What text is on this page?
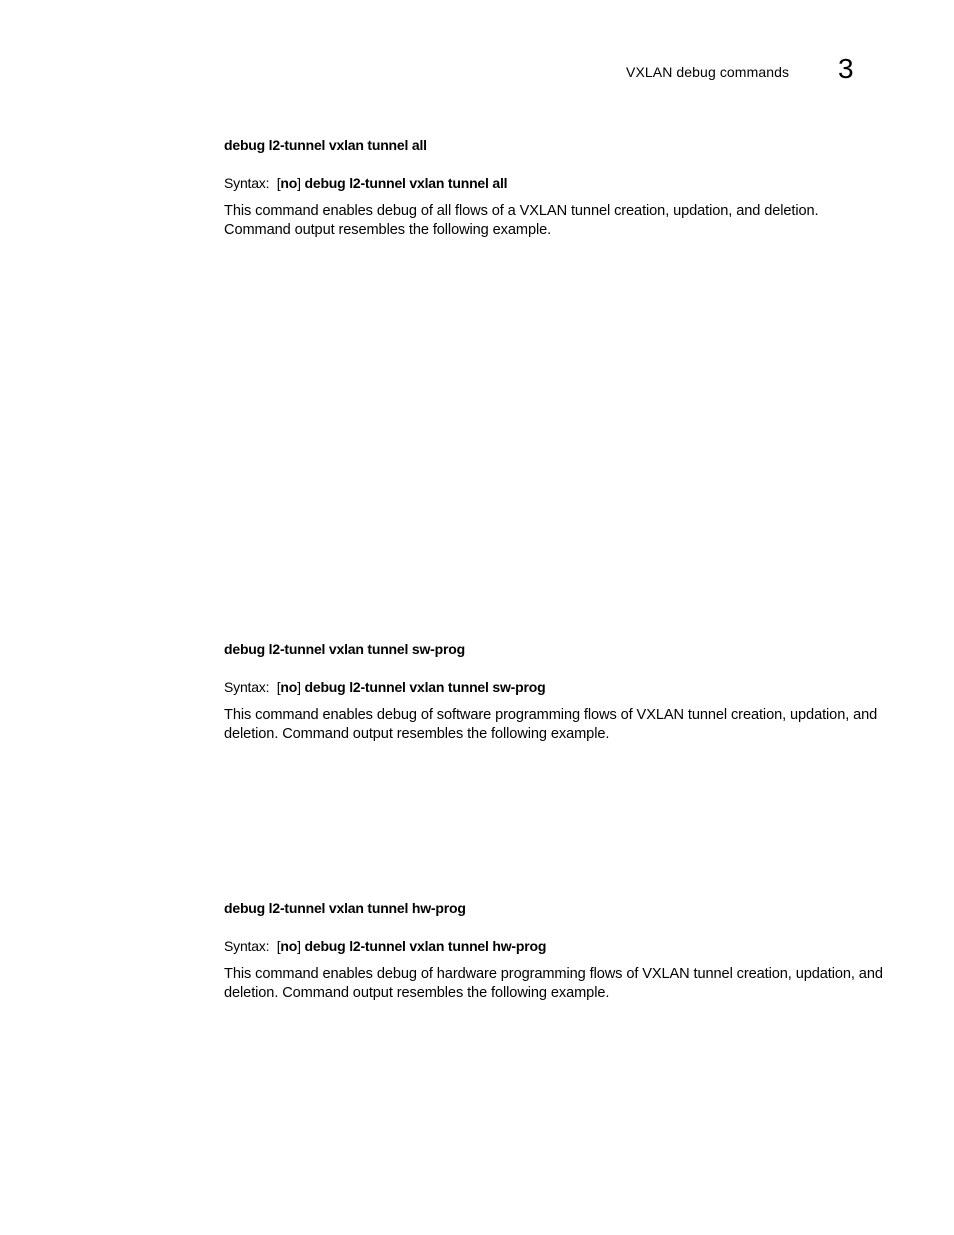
VXLAN debug commands 3

debug l2-tunnel vxlan tunnel all

Syntax: [no] debug l2-tunnel vxlan tunnel all

This command enables debug of all flows of a VXLAN tunnel creation, updation, and deletion. Command output resembles the following example.

debug l2-tunnel vxlan tunnel sw-prog

Syntax: [no] debug l2-tunnel vxlan tunnel sw-prog

This command enables debug of software programming flows of VXLAN tunnel creation, updation, and deletion. Command output resembles the following example.

debug l2-tunnel vxlan tunnel hw-prog

Syntax: [no] debug l2-tunnel vxlan tunnel hw-prog

This command enables debug of hardware programming flows of VXLAN tunnel creation, updation, and deletion. Command output resembles the following example.
